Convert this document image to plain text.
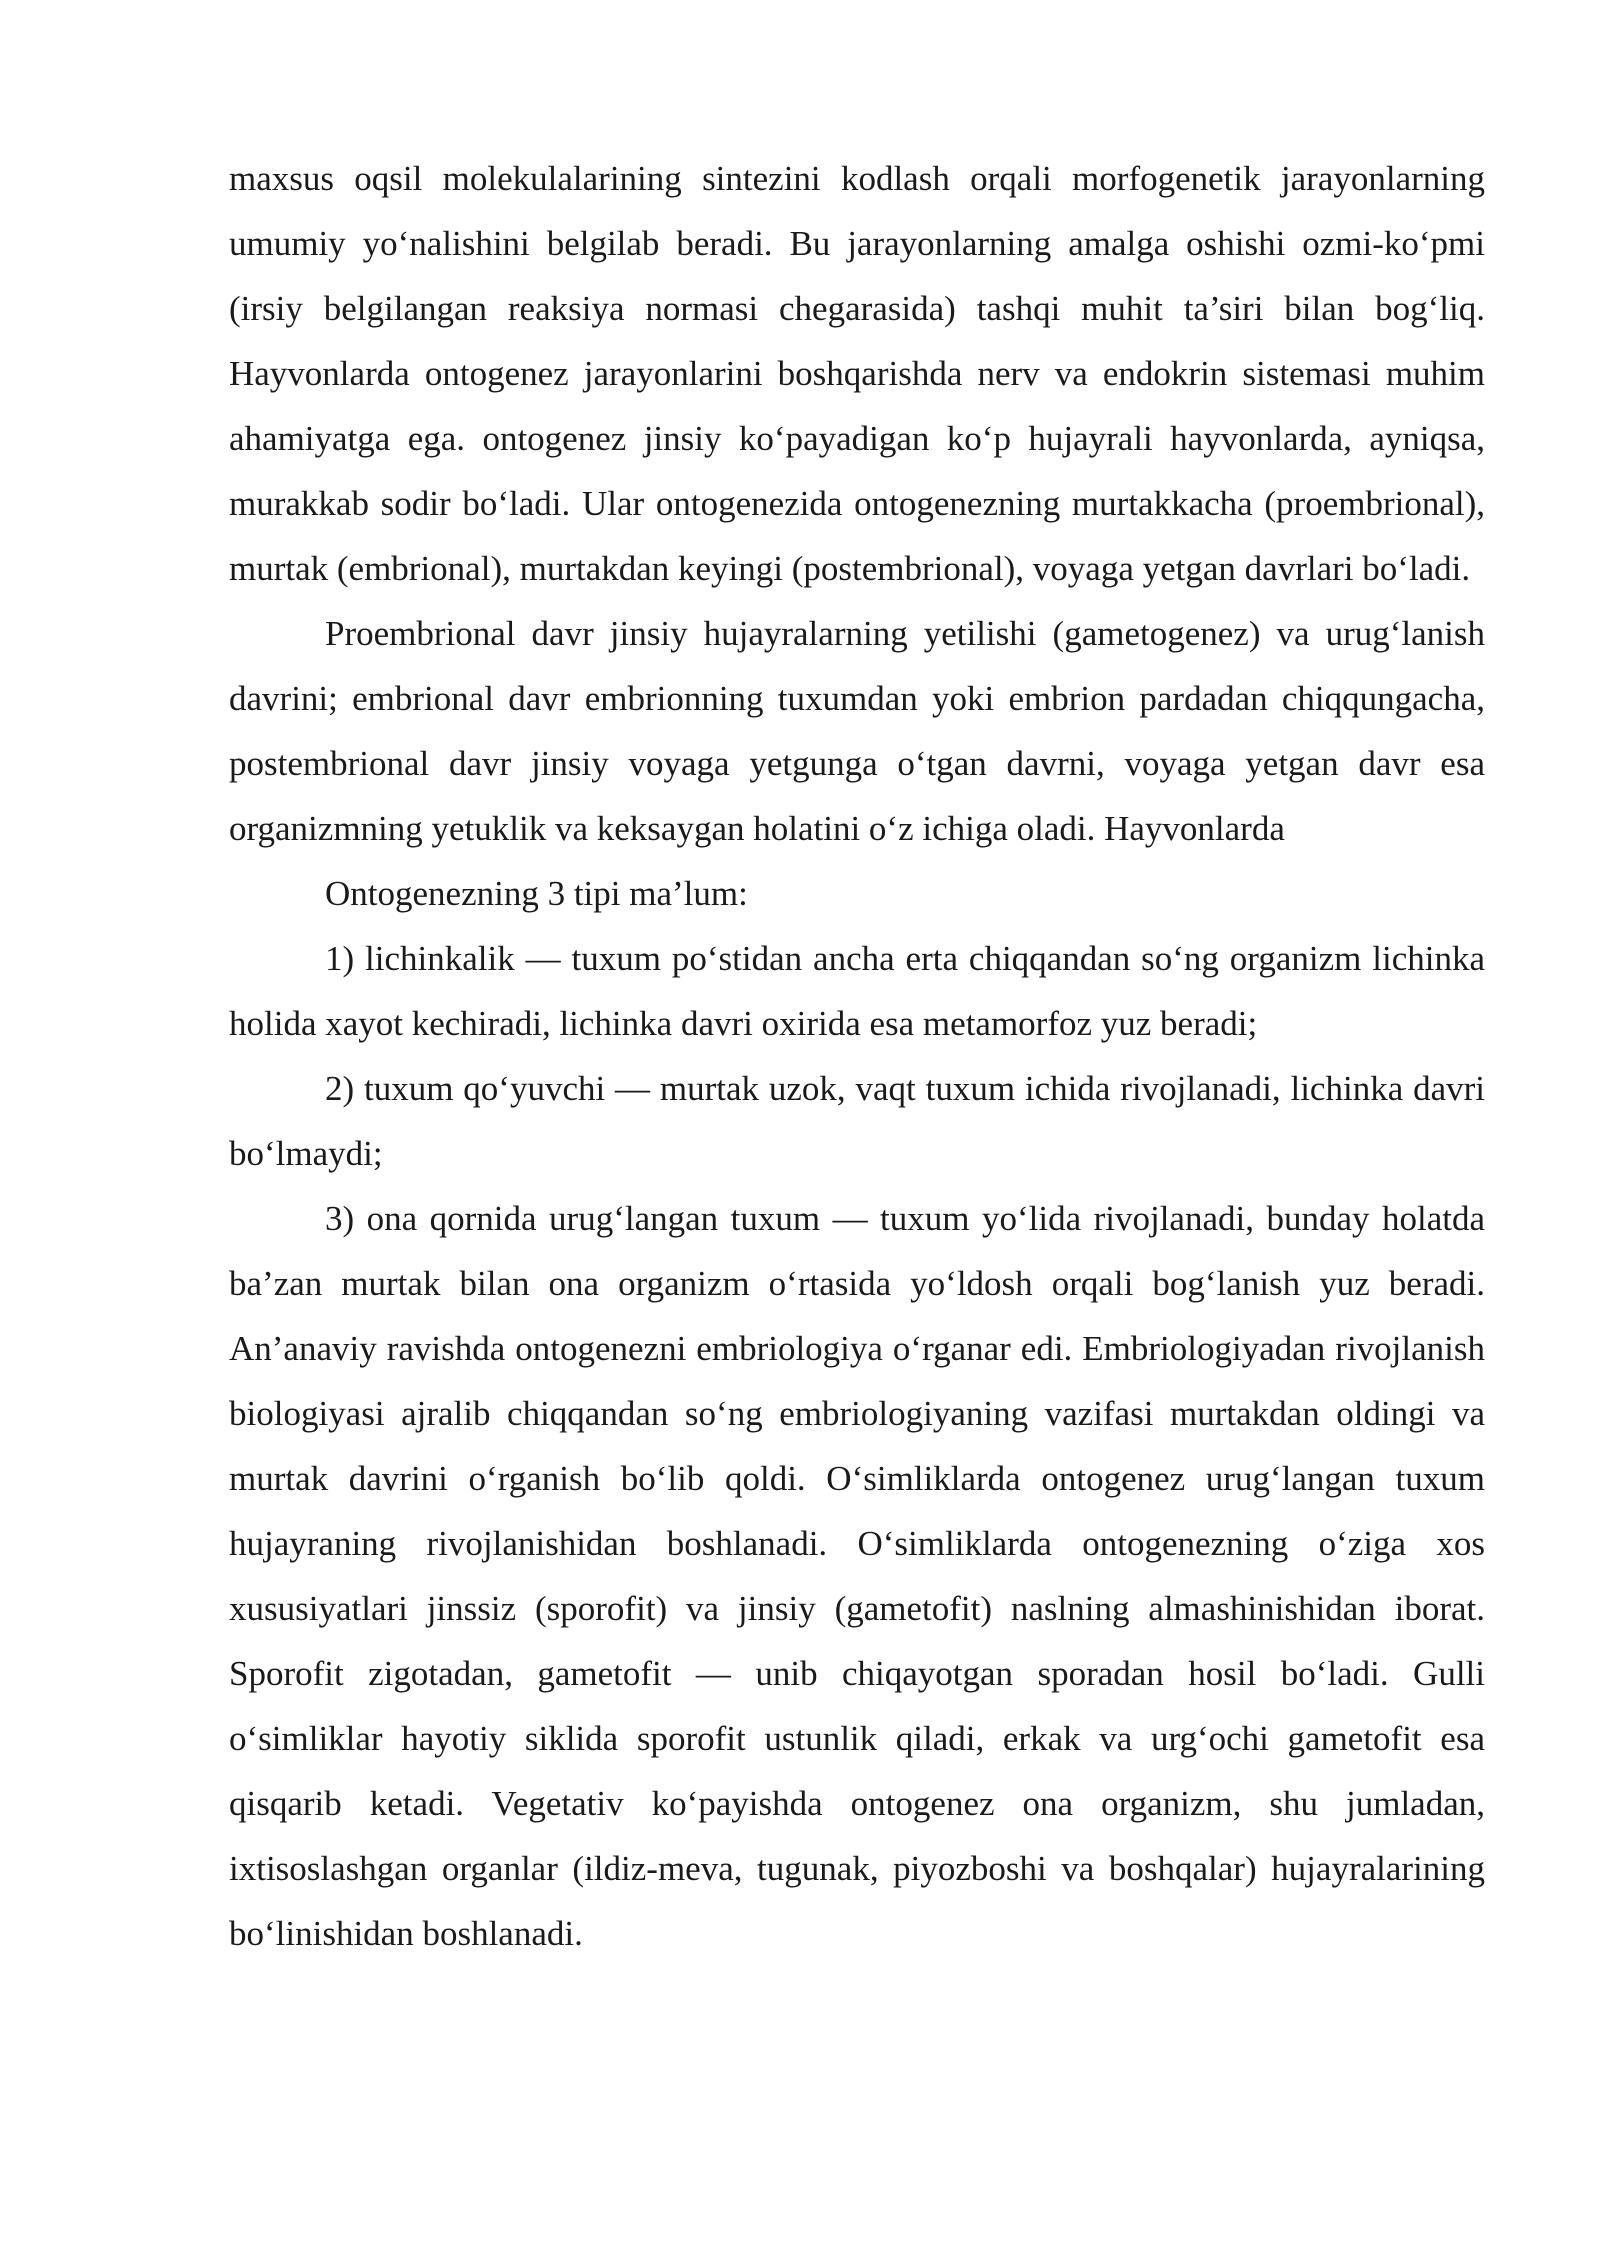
maxsus oqsil molekulalarining sintezini kodlash orqali morfogenetik jarayonlarning umumiy yo‘nalishini belgilab beradi. Bu jarayonlarning amalga oshishi ozmi-ko‘pmi (irsiy belgilangan reaksiya normasi chegarasida) tashqi muhit ta’siri bilan bog‘liq. Hayvonlarda ontogenez jarayonlarini boshqarishda nerv va endokrin sistemasi muhim ahamiyatga ega. ontogenez jinsiy ko‘payadigan ko‘p hujayrali hayvonlarda, ayniqsa, murakkab sodir bo‘ladi. Ular ontogenezida ontogenezning murtakkacha (proembrional), murtak (embrional), murtakdan keyingi (postembrional), voyaga yetgan davrlari bo‘ladi.

Proembrional davr jinsiy hujayralarning yetilishi (gametogenez) va urug‘lanish davrini; embrional davr embrionning tuxumdan yoki embrion pardadan chiqqungacha, postembrional davr jinsiy voyaga yetgunga o‘tgan davrni, voyaga yetgan davr esa organizmning yetuklik va keksaygan holatini o‘z ichiga oladi. Hayvonlarda

Ontogenezning 3 tipi ma’lum:

1) lichinkalik — tuxum po‘stidan ancha erta chiqqandan so‘ng organizm lichinka holida xayot kechiradi, lichinka davri oxirida esa metamorfoz yuz beradi;

2) tuxum qo‘yuvchi — murtak uzok, vaqt tuxum ichida rivojlanadi, lichinka davri bo‘lmaydi;

3) ona qornida urug‘langan tuxum — tuxum yo‘lida rivojlanadi, bunday holatda ba’zan murtak bilan ona organizm o‘rtasida yo‘ldosh orqali bog‘lanish yuz beradi. An’anaviy ravishda ontogenezni embriologiya o‘rganar edi. Embriologiyadan rivojlanish biologiyasi ajralib chiqqandan so‘ng embriologiyaning vazifasi murtakdan oldingi va murtak davrini o‘rganish bo‘lib qoldi. O‘simliklarda ontogenez urug‘langan tuxum hujayraning rivojlanishidan boshlanadi. O‘simliklarda ontogenezning o‘ziga xos xususiyatlari jinssiz (sporofit) va jinsiy (gametofit) naslning almashinishidan iborat. Sporofit zigotadan, gametofit — unib chiqayotgan sporadan hosil bo‘ladi. Gulli o‘simliklar hayotiy siklida sporofit ustunlik qiladi, erkak va urg‘ochi gametofit esa qisqarib ketadi. Vegetativ ko‘payishda ontogenez ona organizm, shu jumladan, ixtisoslashgan organlar (ildiz-meva, tugunak, piyozboshi va boshqalar) hujayralarining bo‘linishidan boshlanadi.
